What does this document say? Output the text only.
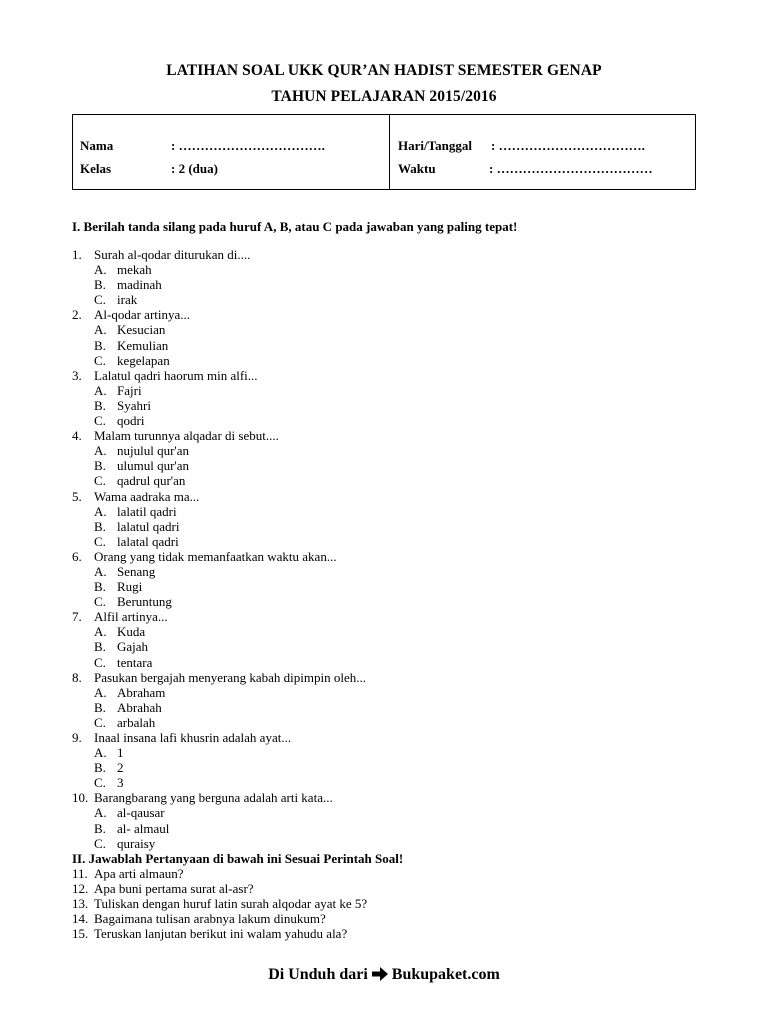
LATIHAN SOAL UKK QUR’AN HADIST SEMESTER GENAP
TAHUN PELAJARAN 2015/2016
Nama	: …………………………….
Kelas	: 2 (dua)
Hari/Tanggal : …………………………….
Waktu	: ………………………………
I. Berilah tanda silang pada huruf A, B, atau C pada jawaban yang paling tepat!
1. Surah al-qodar diturukan di....
A. mekah
B. madinah
C. irak
2. Al-qodar artinya...
A. Kesucian
B. Kemulian
C. kegelapan
3. Lalatul qadri haorum min alfi...
A. Fajri
B. Syahri
C. qodri
4. Malam turunnya alqadar di sebut....
A. nujulul qur'an
B. ulumul qur'an
C. qadrul qur'an
5. Wama aadraka ma...
A. lalatil qadri
B. lalatul qadri
C. lalatal qadri
6. Orang yang tidak memanfaatkan waktu akan...
A. Senang
B. Rugi
C. Beruntung
7. Alfil artinya...
A. Kuda
B. Gajah
C. tentara
8. Pasukan bergajah menyerang kabah dipimpin oleh...
A. Abraham
B. Abrahah
C. arbalah
9. Inaal insana lafi khusrin adalah ayat...
A. 1
B. 2
C. 3
10. Barangbarang yang berguna adalah arti kata...
A. al-qausar
B. al- almaul
C. quraisy
II. Jawablah Pertanyaan di bawah ini Sesuai Perintah Soal!
11. Apa arti almaun?
12. Apa buni pertama surat al-asr?
13. Tuliskan dengan huruf latin surah alqodar ayat ke 5?
14. Bagaimana tulisan arabnya lakum dinukum?
15. Teruskan lanjutan berikut ini walam yahudu ala?
Di Unduh dari Bukupaket.com
